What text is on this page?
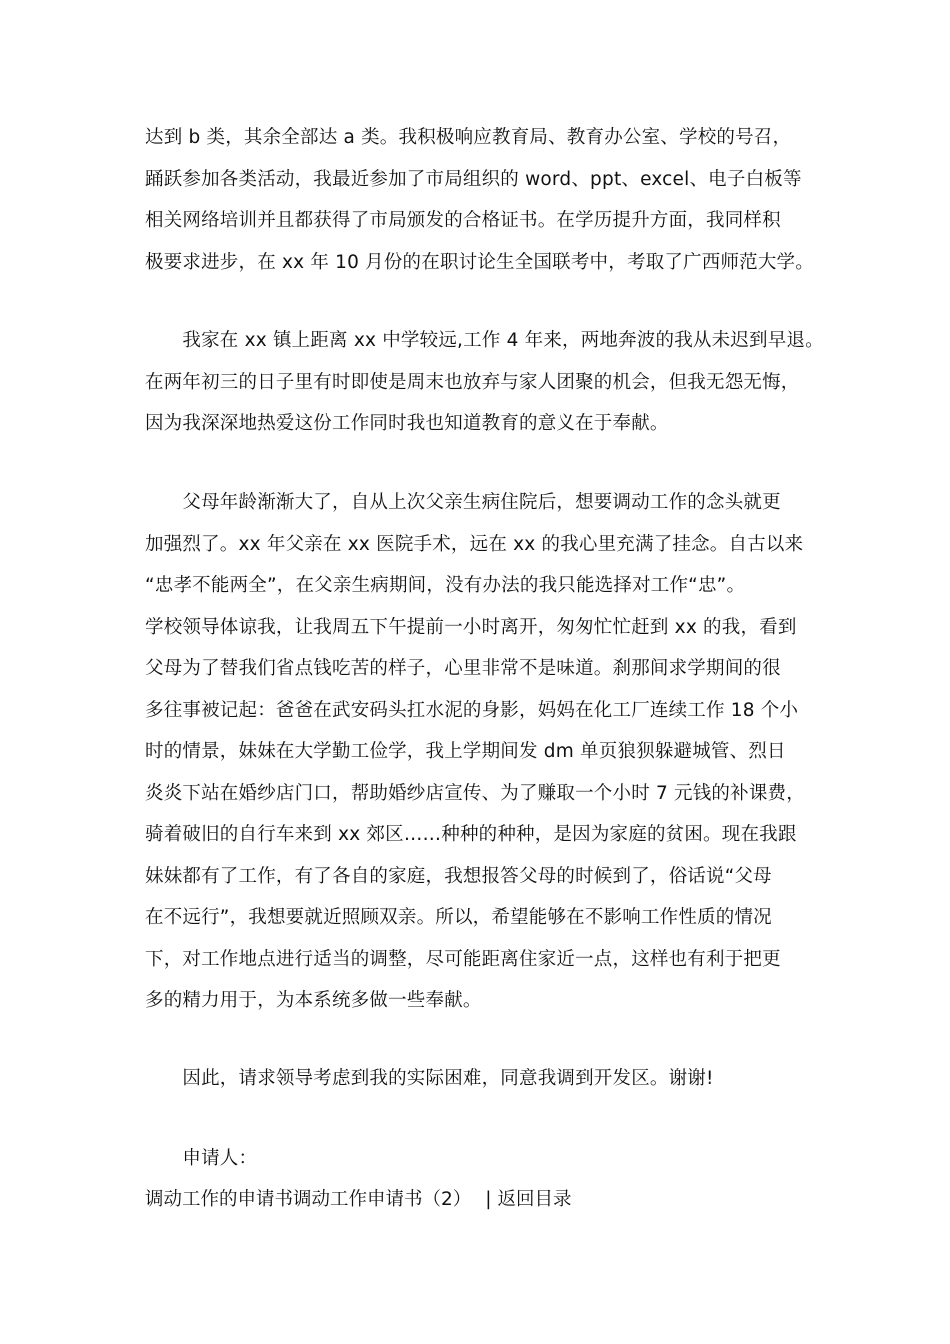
达到 b 类，其余全部达 a 类。我积极响应教育局、教育办公室、学校的号召，
踊跃参加各类活动，我最近参加了市局组织的 word、ppt、excel、电子白板等
相关网络培训并且都获得了市局颁发的合格证书。在学历提升方面，我同样积
极要求进步，在 xx 年 10 月份的在职讨论生全国联考中，考取了广西师范大学。
　　我家在 xx 镇上距离 xx 中学较远,工作 4 年来，两地奔波的我从未迟到早退。
在两年初三的日子里有时即使是周末也放弃与家人团聚的机会，但我无怨无悔，
因为我深深地热爱这份工作同时我也知道教育的意义在于奉献。
　　父母年龄渐渐大了，自从上次父亲生病住院后，想要调动工作的念头就更
加强烈了。xx 年父亲在 xx 医院手术，远在 xx 的我心里充满了挂念。自古以来
“忠孝不能两全”，在父亲生病期间，没有办法的我只能选择对工作“忠”。
学校领导体谅我，让我周五下午提前一小时离开，匆匆忙忙赶到 xx 的我，看到
父母为了替我们省点钱吃苦的样子，心里非常不是味道。刹那间求学期间的很
多往事被记起：爸爸在武安码头扛水泥的身影，妈妈在化工厂连续工作 18 个小
时的情景，妹妹在大学勤工俭学，我上学期间发 dm 单页狼狈躲避城管、烈日
炎炎下站在婚纱店门口，帮助婚纱店宣传、为了赚取一个小时 7 元钱的补课费，
骑着破旧的自行车来到 xx 郊区……种种的种种，是因为家庭的贫困。现在我跟
妹妹都有了工作，有了各自的家庭，我想报答父母的时候到了，俗话说“父母
在不远行”，我想要就近照顾双亲。所以，希望能够在不影响工作性质的情况
下，对工作地点进行适当的调整，尽可能距离住家近一点，这样也有利于把更
多的精力用于，为本系统多做一些奉献。
　　因此，请求领导考虑到我的实际困难，同意我调到开发区。谢谢!
　　申请人：
调动工作的申请书调动工作申请书（2） | 返回目录
